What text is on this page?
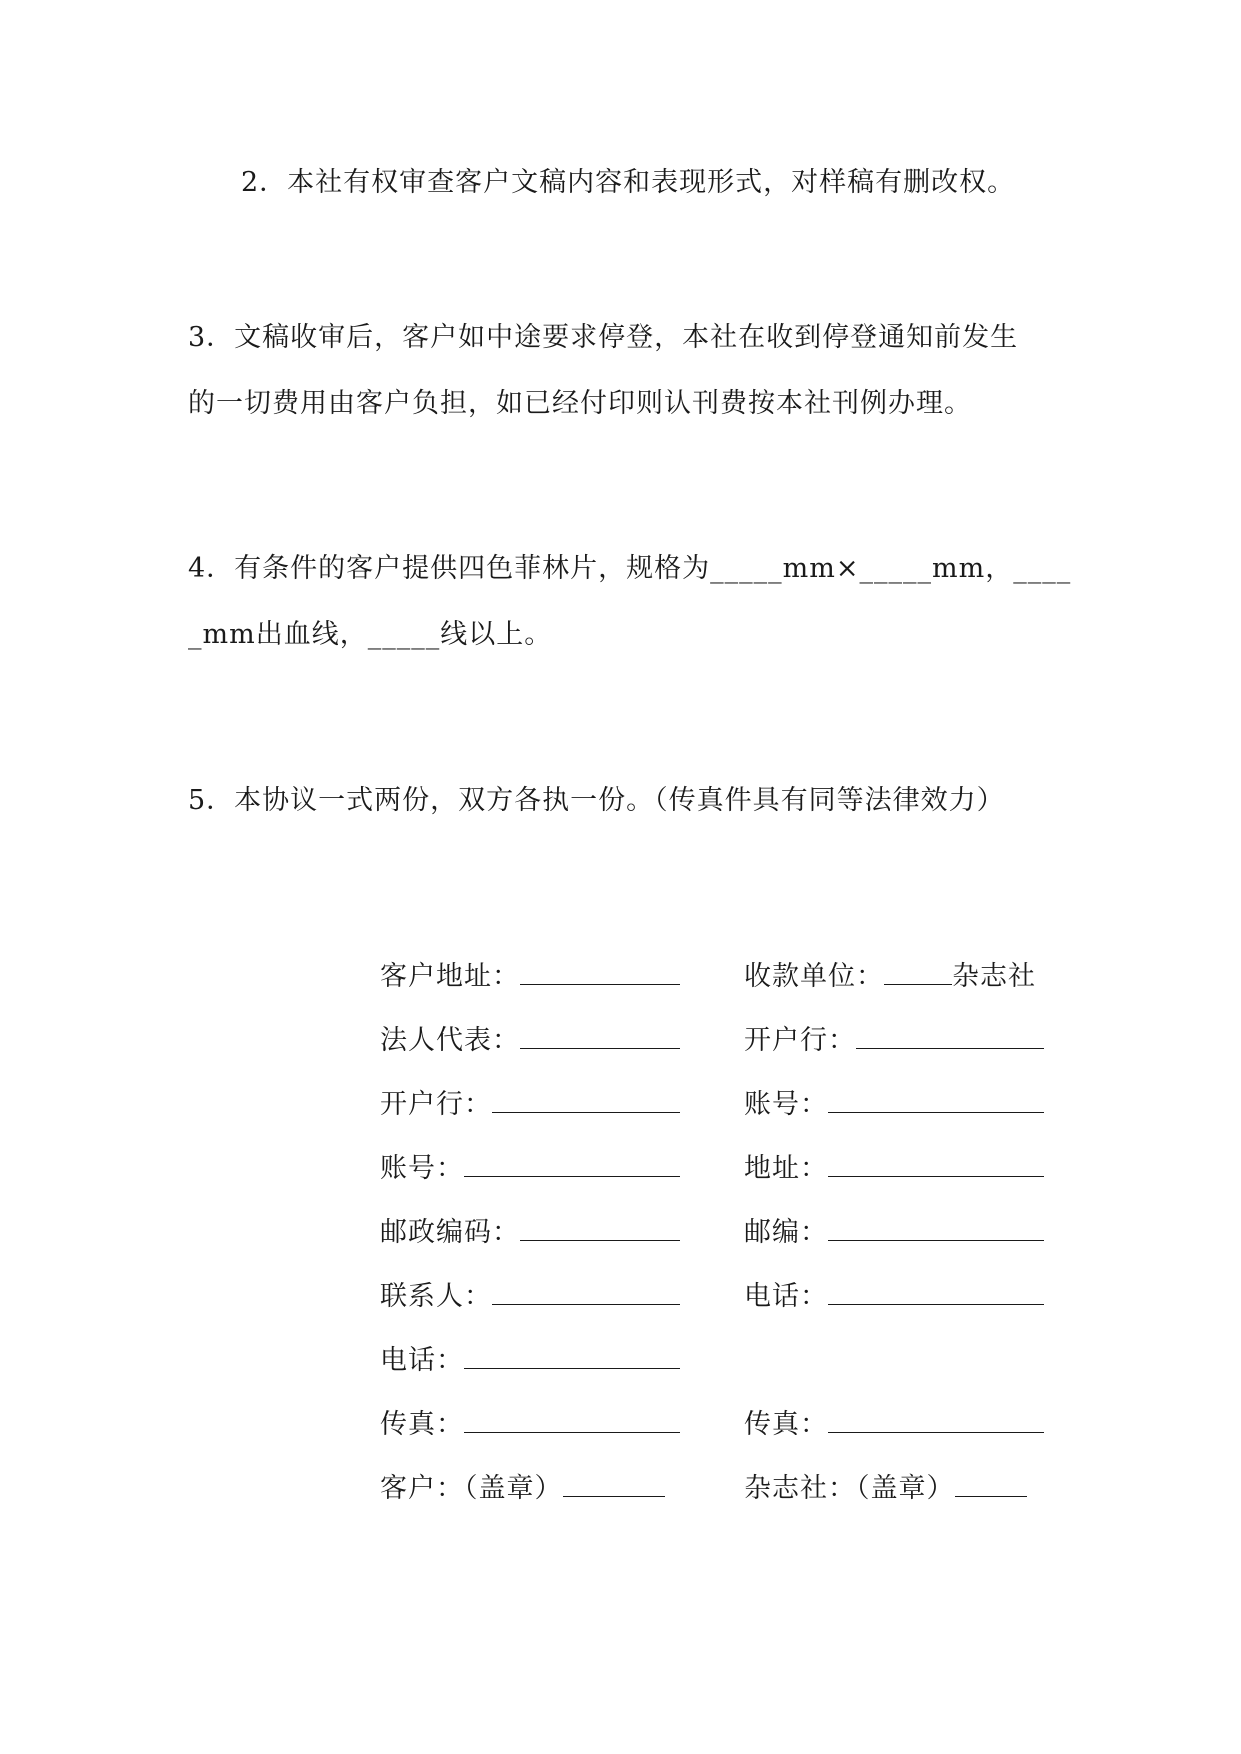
2．本社有权审查客户文稿内容和表现形式，对样稿有删改权。
3．文稿收审后，客户如中途要求停登，本社在收到停登通知前发生
的一切费用由客户负担，如已经付印则认刊费按本社刊例办理。
4．有条件的客户提供四色菲林片，规格为_____mm×_____mm，____
_mm出血线，_____线以上。
5．本协议一式两份，双方各执一份。（传真件具有同等法律效力）
客户地址：
法人代表：
开户行：
账号：
邮政编码：
联系人：
电话：
传真：
客户：（盖章）
收款单位：	杂志社
开户行：
账号：
地址：
邮编：
电话：
传真：
杂志社：（盖章）
